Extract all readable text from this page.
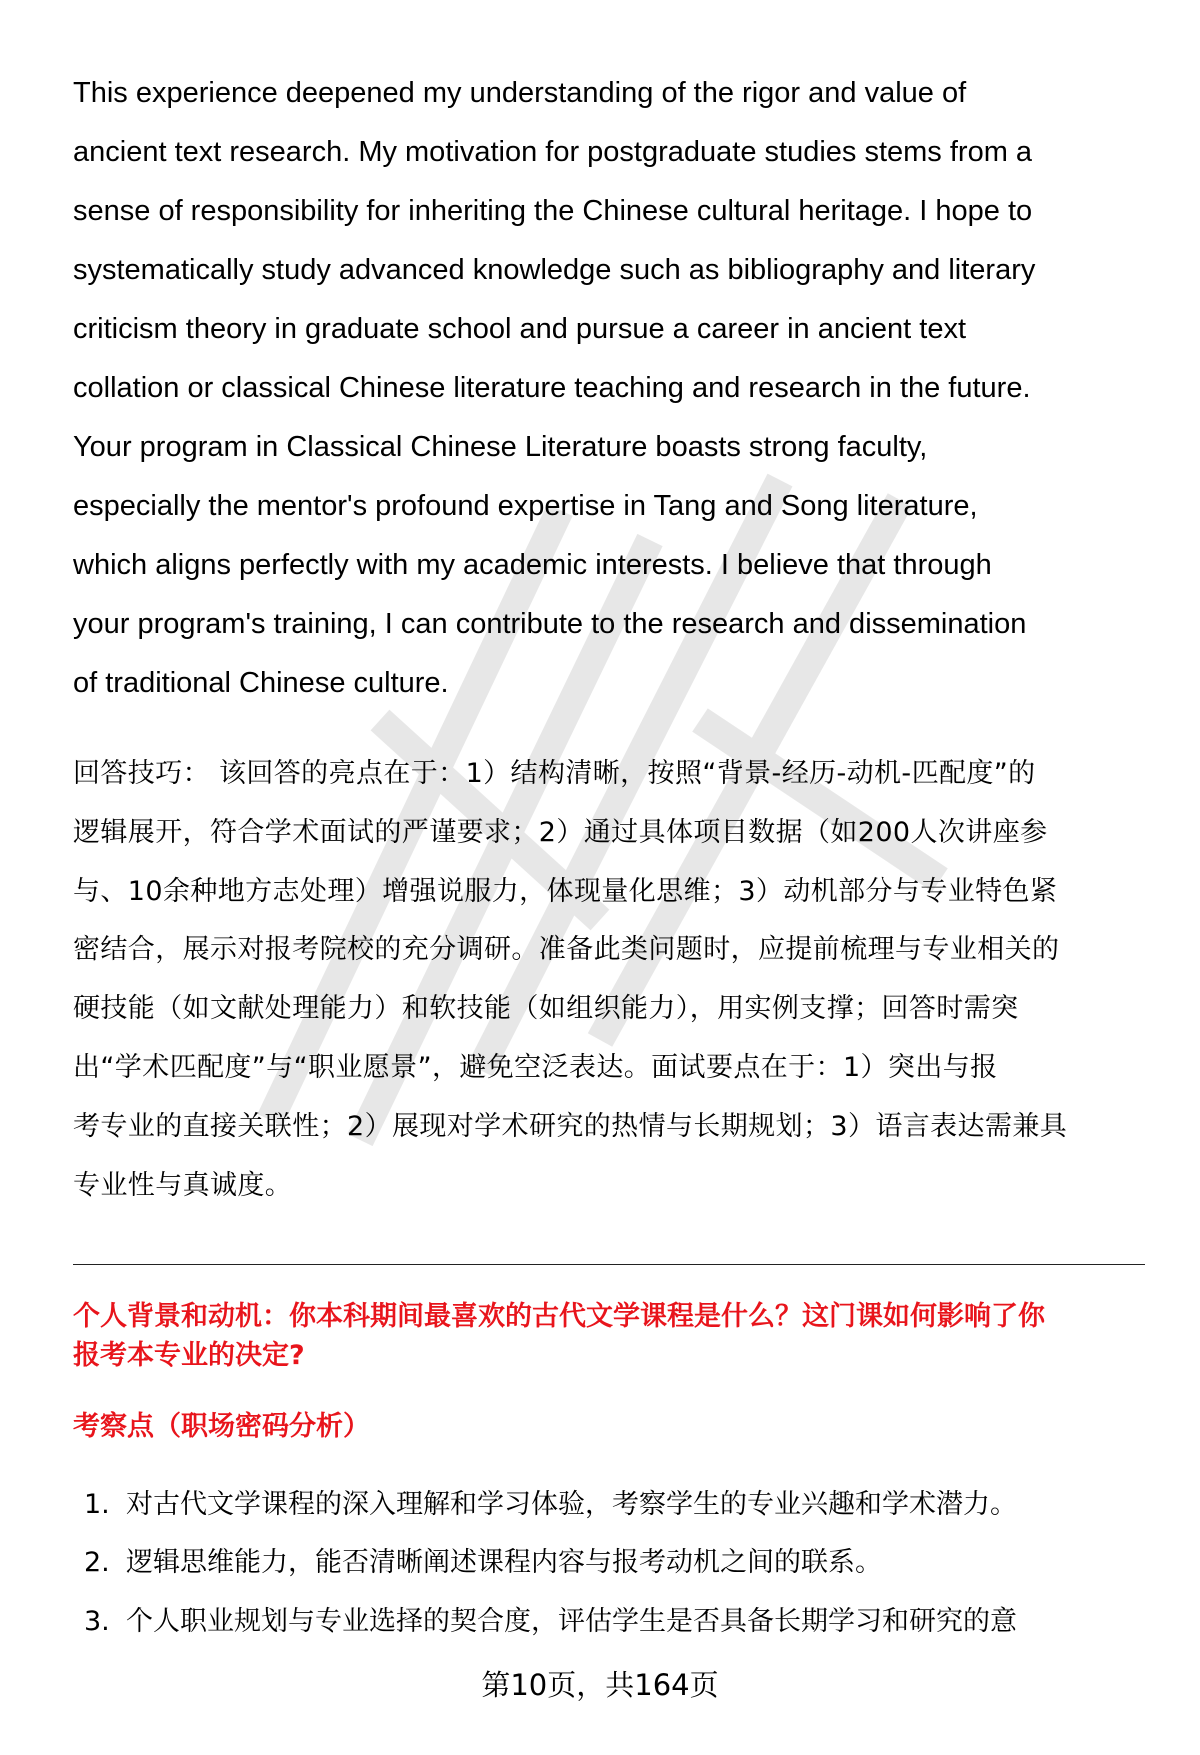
This experience deepened my understanding of the rigor and value of
ancient text research. My motivation for postgraduate studies stems from a
sense of responsibility for inheriting the Chinese cultural heritage. I hope to
systematically study advanced knowledge such as bibliography and literary
criticism theory in graduate school and pursue a career in ancient text
collation or classical Chinese literature teaching and research in the future.
Your program in Classical Chinese Literature boasts strong faculty,
especially the mentor's profound expertise in Tang and Song literature,
which aligns perfectly with my academic interests. I believe that through
your program's training, I can contribute to the research and dissemination
of traditional Chinese culture.
回答技巧： 该回答的亮点在于：1）结构清晰，按照“背景-经历-动机-匹配度”的
逻辑展开，符合学术面试的严谨要求；2）通过具体项目数据（如200人次讲座参
与、10余种地方志处理）增强说服力，体现量化思维；3）动机部分与专业特色紧
密结合，展示对报考院校的充分调研。准备此类问题时，应提前梳理与专业相关的
硬技能（如文献处理能力）和软技能（如组织能力），用实例支撑；回答时需突
出“学术匹配度”与“职业愿景”，避免空泛表达。面试要点在于：1）突出与报
考专业的直接关联性；2）展现对学术研究的热情与长期规划；3）语言表达需兼具
专业性与真诚度。
个人背景和动机：你本科期间最喜欢的古代文学课程是什么？这门课如何影响了你
报考本专业的决定?
考察点（职场密码分析）
1. 对古代文学课程的深入理解和学习体验，考察学生的专业兴趣和学术潜力。
2. 逻辑思维能力，能否清晰阐述课程内容与报考动机之间的联系。
3. 个人职业规划与专业选择的契合度，评估学生是否具备长期学习和研究的意
第10页，共164页
